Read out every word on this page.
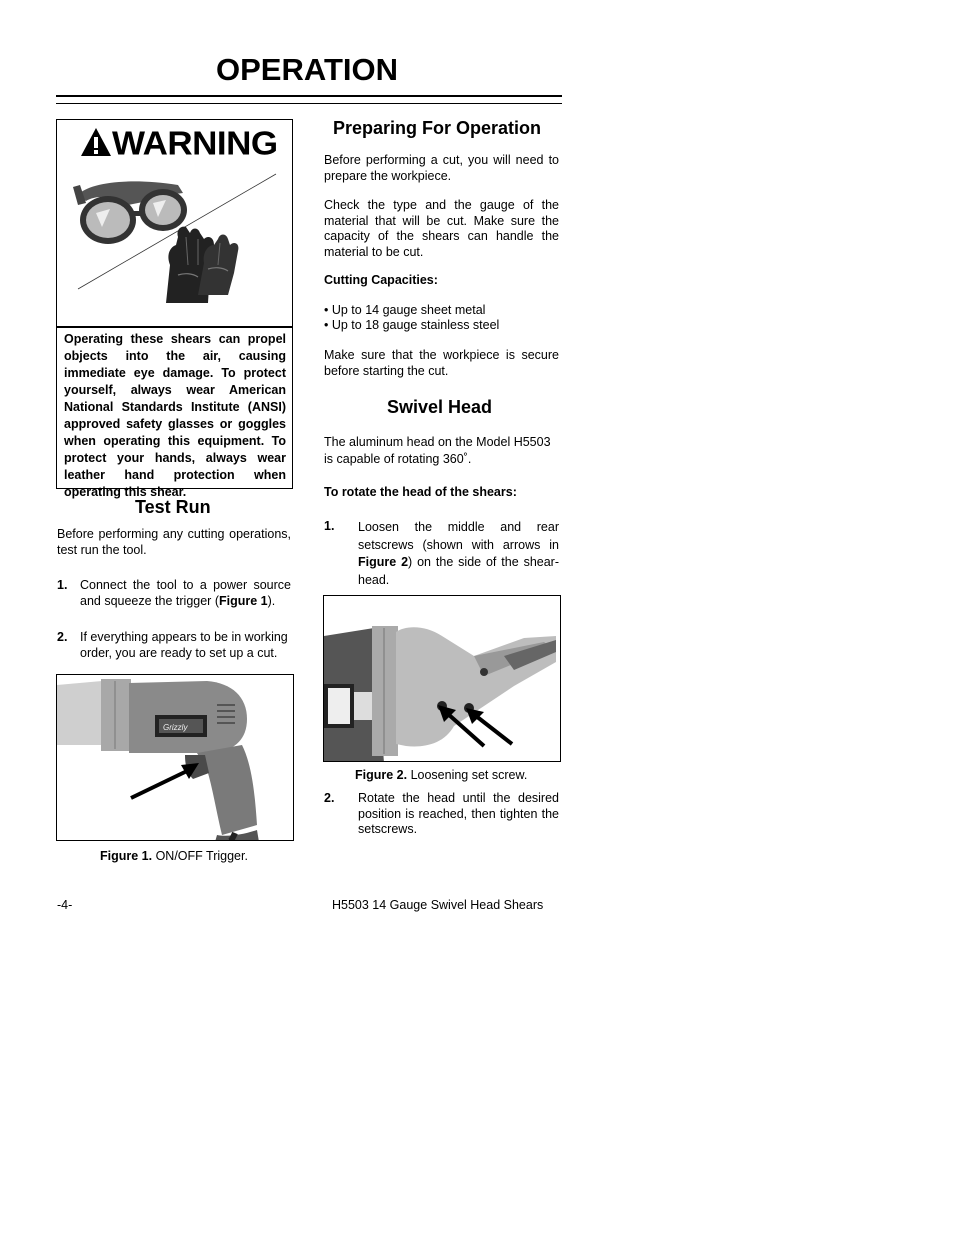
OPERATION
WARNING
Operating these shears can propel objects into the air, causing immediate eye damage. To protect yourself, always wear American National Standards Institute (ANSI) approved safety glasses or goggles when operating this equipment. To protect your hands, always wear leather hand protection when operating this shear.
Test Run
Before performing any cutting operations, test run the tool.
1. Connect the tool to a power source and squeeze the trigger (Figure 1).
2. If everything appears to be in working order, you are ready to set up a cut.
Grizzly
Figure 1. ON/OFF Trigger.
Preparing For Operation
Before performing a cut, you will need to prepare the workpiece.
Check the type and the gauge of the material that will be cut. Make sure the capacity of the shears can handle the material to be cut.
Cutting Capacities:
• Up to 14 gauge sheet metal
• Up to 18 gauge stainless steel
Make sure that the workpiece is secure before starting the cut.
Swivel Head
The aluminum head on the Model H5503 is capable of rotating 360˚.
To rotate the head of the shears:
1. Loosen the middle and rear setscrews (shown with arrows in Figure 2) on the side of the shear-head.
Figure 2. Loosening set screw.
2. Rotate the head until the desired position is reached, then tighten the setscrews.
-4-	H5503 14 Gauge Swivel Head Shears
